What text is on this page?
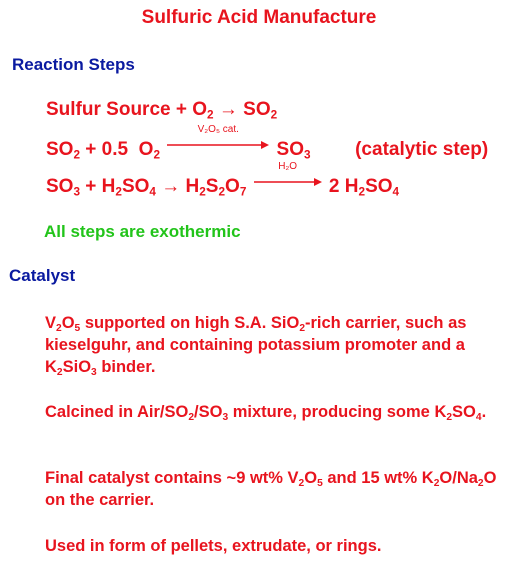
Sulfuric Acid Manufacture
Reaction Steps
Sulfur Source + $O_2 \to SO_2$
$SO_2 + 0.5$ $O_2$
V₂O₅ cat.
$SO_3$ (catalytic step)
$SO_3 + H_2SO_4 \to H_2S_2O_7$
H₂O
2 $H_2SO_4$
All steps are exothermic
Catalyst
$V_2O_5$ supported on high S.A. SiO$_2$-rich carrier, such as kieselguhr, and containing potassium promoter and a $K_2SiO_3$ binder.
Calcined in Air/$SO_2/SO_3$ mixture, producing some $K_2SO_4$.
Final catalyst contains ~9 wt% $V_2O_5$ and 15 wt% $K_2O/Na_2O$ on the carrier.
Used in form of pellets, extrudate, or rings.
